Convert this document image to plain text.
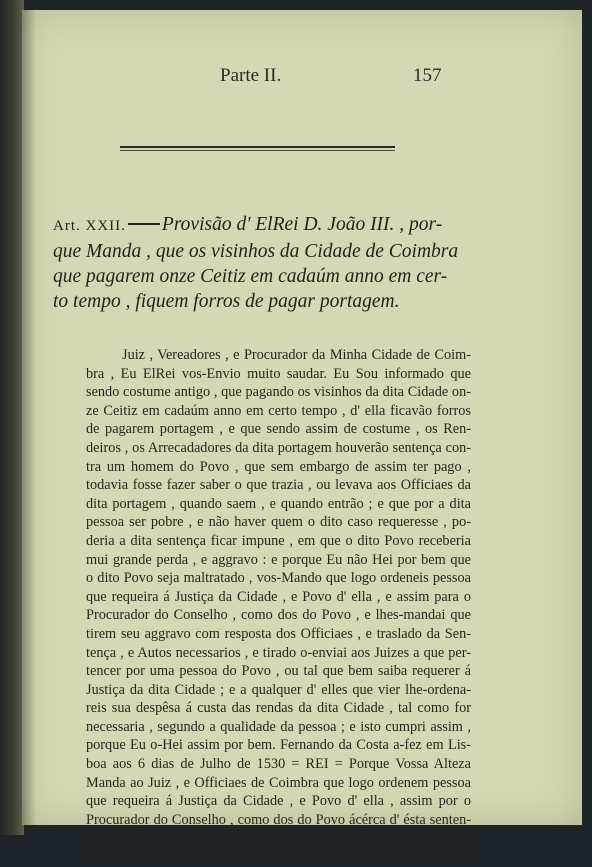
Parte II.	157
Art. XXII. Provisão d' ElRei D. João III. , por-
que Manda , que os visinhos da Cidade de Coimbra
que pagarem onze Ceitiz em cadaúm anno em cer-
to tempo , fiquem forros de pagar portagem.
Juiz , Vereadores , e Procurador da Minha Cidade de Coim-
bra , Eu ElRei vos-Envio muito saudar. Eu Sou informado que
sendo costume antigo , que pagando os visinhos da dita Cidade on-
ze Ceitiz em cadaúm anno em certo tempo , d' ella ficavão forros
de pagarem portagem , e que sendo assim de costume , os Ren-
deiros , os Arrecadadores da dita portagem houverão sentença con-
tra um homem do Povo , que sem embargo de assim ter pago ,
todavia fosse fazer saber o que trazia , ou levava aos Officiaes da
dita portagem , quando saem , e quando entrão ; e que por a dita
pessoa ser pobre , e não haver quem o dito caso requeresse , po-
deria a dita sentença ficar impune , em que o dito Povo receberia
mui grande perda , e aggravo : e porque Eu não Hei por bem que
o dito Povo seja maltratado , vos-Mando que logo ordeneis pessoa
que requeira á Justiça da Cidade , e Povo d' ella , e assim para o
Procurador do Conselho , como dos do Povo , e lhes-mandai que
tirem seu aggravo com resposta dos Officiaes , e traslado da Sen-
tença , e Autos necessarios , e tirado o-enviai aos Juizes a que per-
tencer por uma pessoa do Povo , ou tal que bem saiba requerer á
Justiça da dita Cidade ; e a qualquer d' elles que vier lhe-ordena-
reis sua despêsa á custa das rendas da dita Cidade , tal como for
necessaria , segundo a qualidade da pessoa ; e isto cumpri assim ,
porque Eu o-Hei assim por bem. Fernando da Costa a-fez em Lis-
boa aos 6 dias de Julho de 1530 = REI = Porque Vossa Alteza
Manda ao Juiz , e Officiaes de Coimbra que logo ordenem pessoa
que requeira á Justiça da Cidade , e Povo d' ella , assim por o
Procurador do Conselho , como dos do Povo ácérca d' ésta senten-
ça , que foi dada contra um homem do Povo sôbre o-constrange-
rem que vá fazer saber aos Officiaes da Portagem o que levar ou
